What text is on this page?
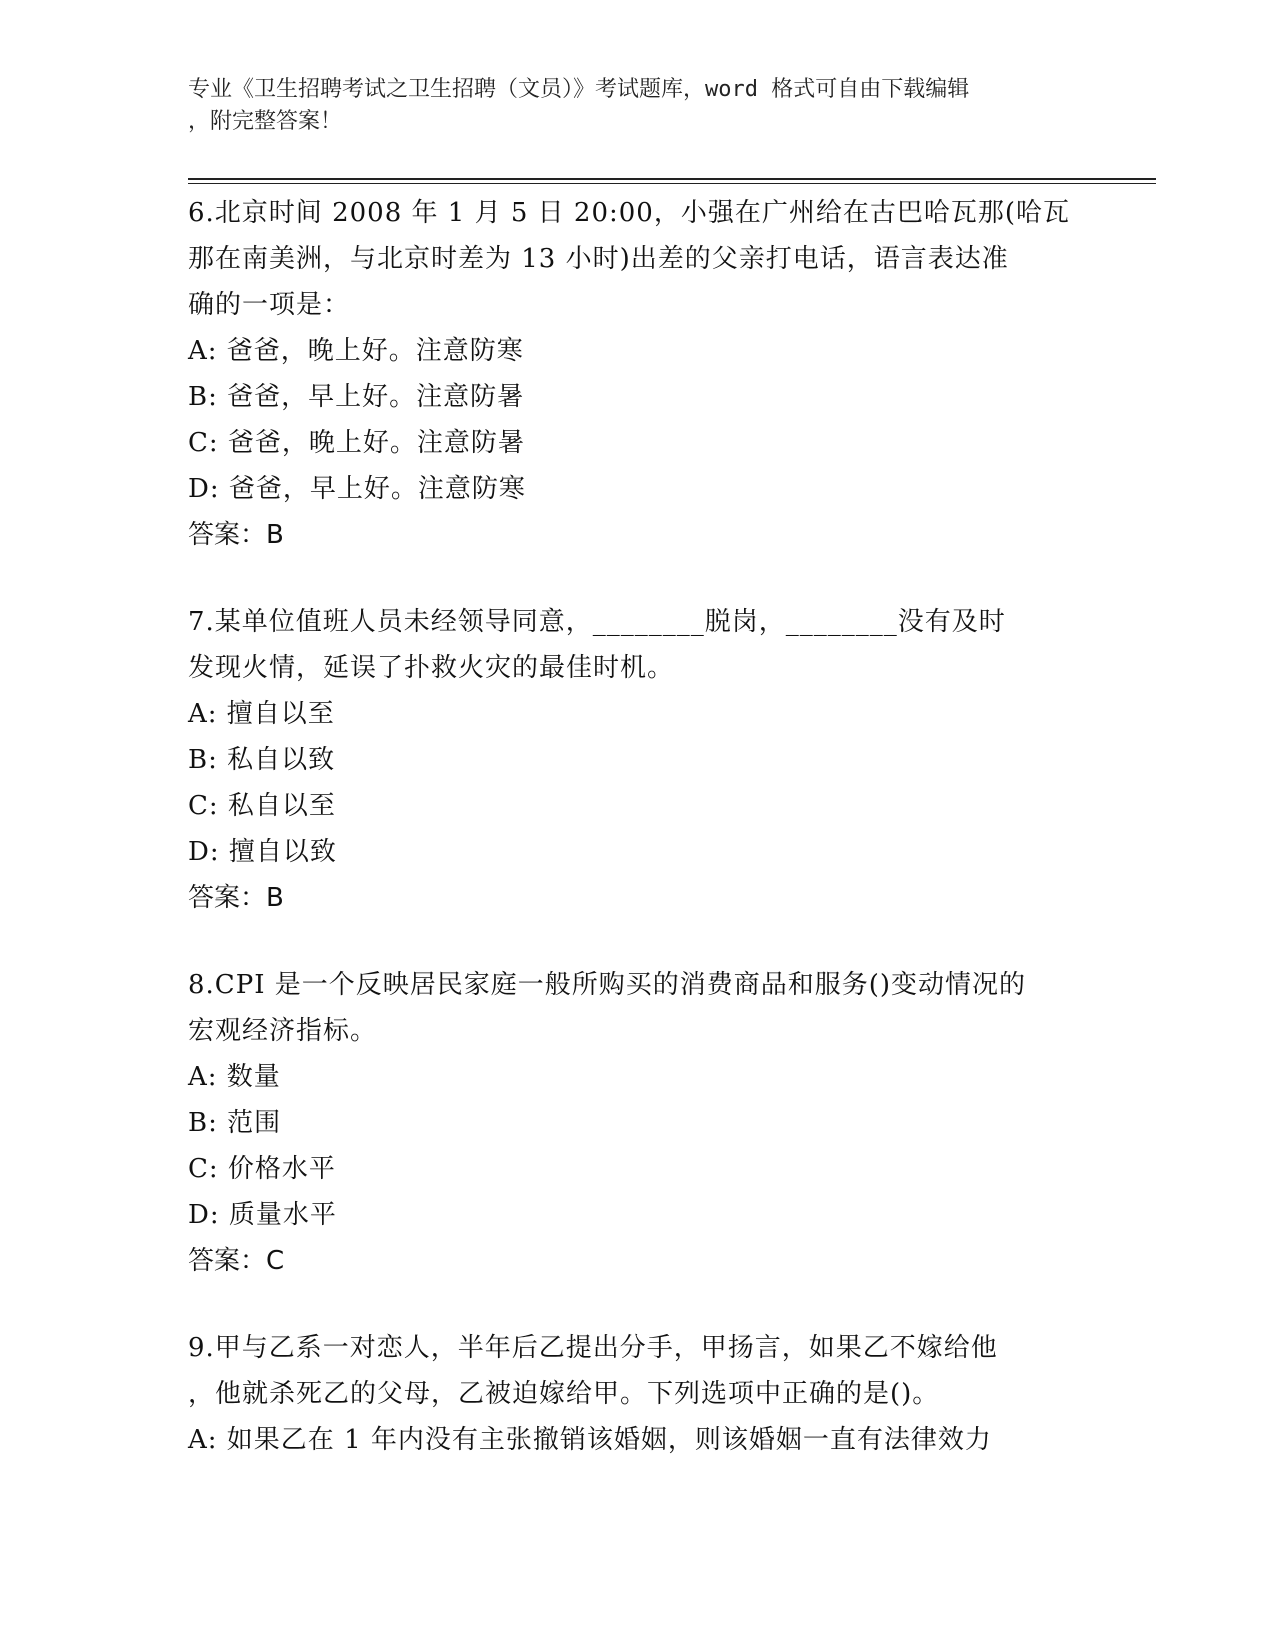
专业《卫生招聘考试之卫生招聘（文员）》考试题库，word 格式可自由下载编辑
，附完整答案！
6.北京时间 2008 年 1 月 5 日 20:00，小强在广州给在古巴哈瓦那(哈瓦
那在南美洲，与北京时差为 13 小时)出差的父亲打电话，语言表达准
确的一项是：
A: 爸爸，晚上好。注意防寒
B: 爸爸，早上好。注意防暑
C: 爸爸，晚上好。注意防暑
D: 爸爸，早上好。注意防寒
答案：B
7.某单位值班人员未经领导同意，________脱岗，________没有及时
发现火情，延误了扑救火灾的最佳时机。
A: 擅自以至
B: 私自以致
C: 私自以至
D: 擅自以致
答案：B
8.CPI 是一个反映居民家庭一般所购买的消费商品和服务()变动情况的
宏观经济指标。
A: 数量
B: 范围
C: 价格水平
D: 质量水平
答案：C
9.甲与乙系一对恋人，半年后乙提出分手，甲扬言，如果乙不嫁给他
，他就杀死乙的父母，乙被迫嫁给甲。下列选项中正确的是()。
A: 如果乙在 1 年内没有主张撤销该婚姻，则该婚姻一直有法律效力
